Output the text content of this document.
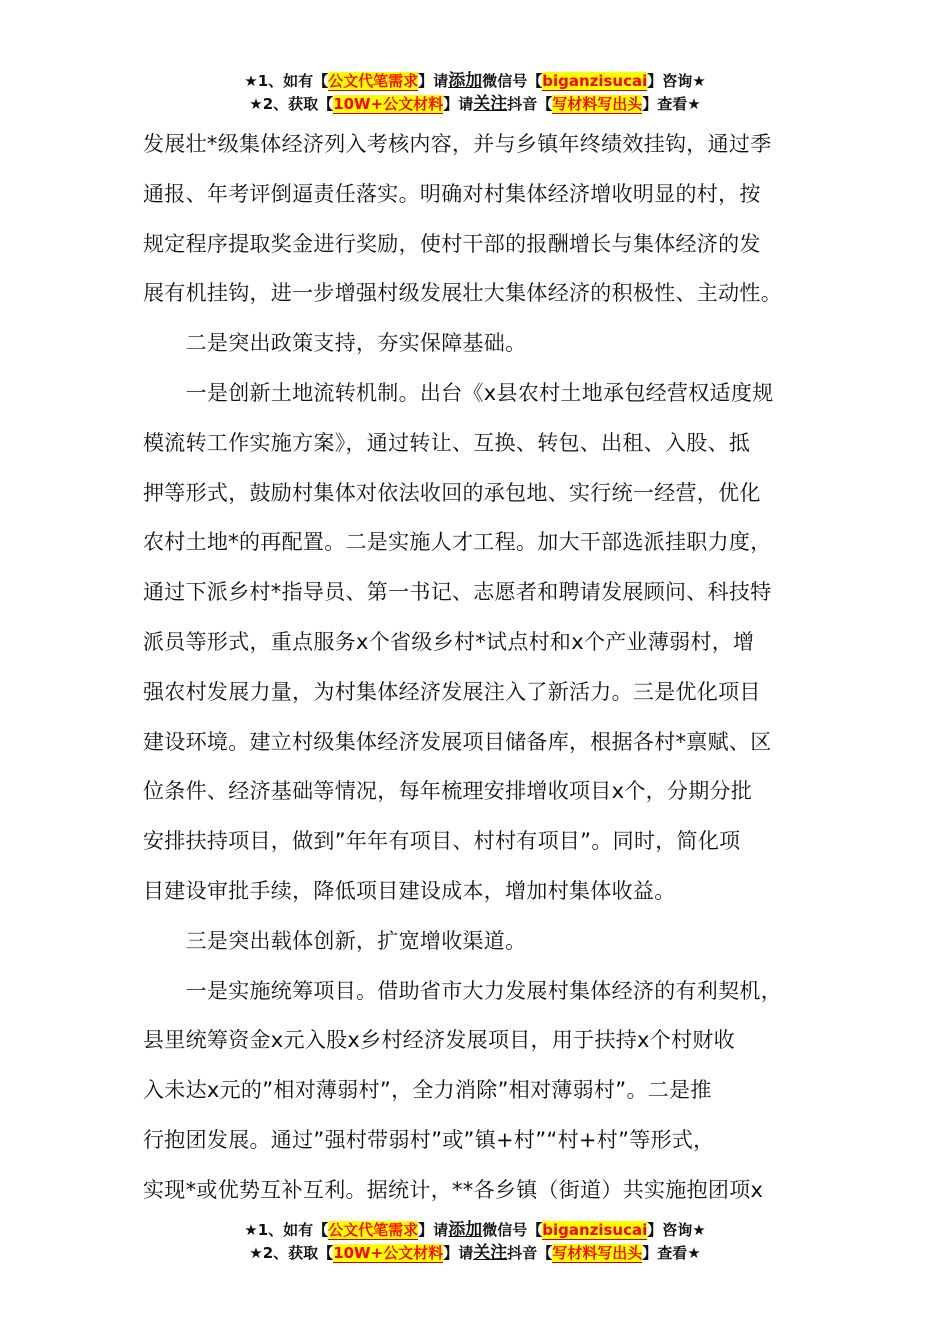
★1、如有【公文代笔需求】请添加微信号【biganzisucai】咨询★
★2、获取【10W+公文材料】请关注抖音【写材料写出头】查看★
发展壮*级集体经济列入考核内容，并与乡镇年终绩效挂钩，通过季
通报、年考评倒逼责任落实。明确对村集体经济增收明显的村，按
规定程序提取奖金进行奖励，使村干部的报酬增长与集体经济的发
展有机挂钩，进一步增强村级发展壮大集体经济的积极性、主动性。
　　二是突出政策支持，夯实保障基础。
　　一是创新土地流转机制。出台《x县农村土地承包经营权适度规
模流转工作实施方案》，通过转让、互换、转包、出租、入股、抵
押等形式，鼓励村集体对依法收回的承包地、实行统一经营，优化
农村土地*的再配置。二是实施人才工程。加大干部选派挂职力度，
通过下派乡村*指导员、第一书记、志愿者和聘请发展顾问、科技特
派员等形式，重点服务x个省级乡村*试点村和x个产业薄弱村，增
强农村发展力量，为村集体经济发展注入了新活力。三是优化项目
建设环境。建立村级集体经济发展项目储备库，根据各村*禀赋、区
位条件、经济基础等情况，每年梳理安排增收项目x个，分期分批
安排扶持项目，做到”年年有项目、村村有项目”。同时，简化项
目建设审批手续，降低项目建设成本，增加村集体收益。
　　三是突出载体创新，扩宽增收渠道。
　　一是实施统筹项目。借助省市大力发展村集体经济的有利契机，
县里统筹资金x元入股x乡村经济发展项目，用于扶持x个村财收
入未达x元的”相对薄弱村”，全力消除”相对薄弱村”。二是推
行抱团发展。通过”强村带弱村”或”镇+村”“村+村”等形式，
实现*或优势互补互利。据统计，**各乡镇（街道）共实施抱团项x
★1、如有【公文代笔需求】请添加微信号【biganzisucai】咨询★
★2、获取【10W+公文材料】请关注抖音【写材料写出头】查看★
